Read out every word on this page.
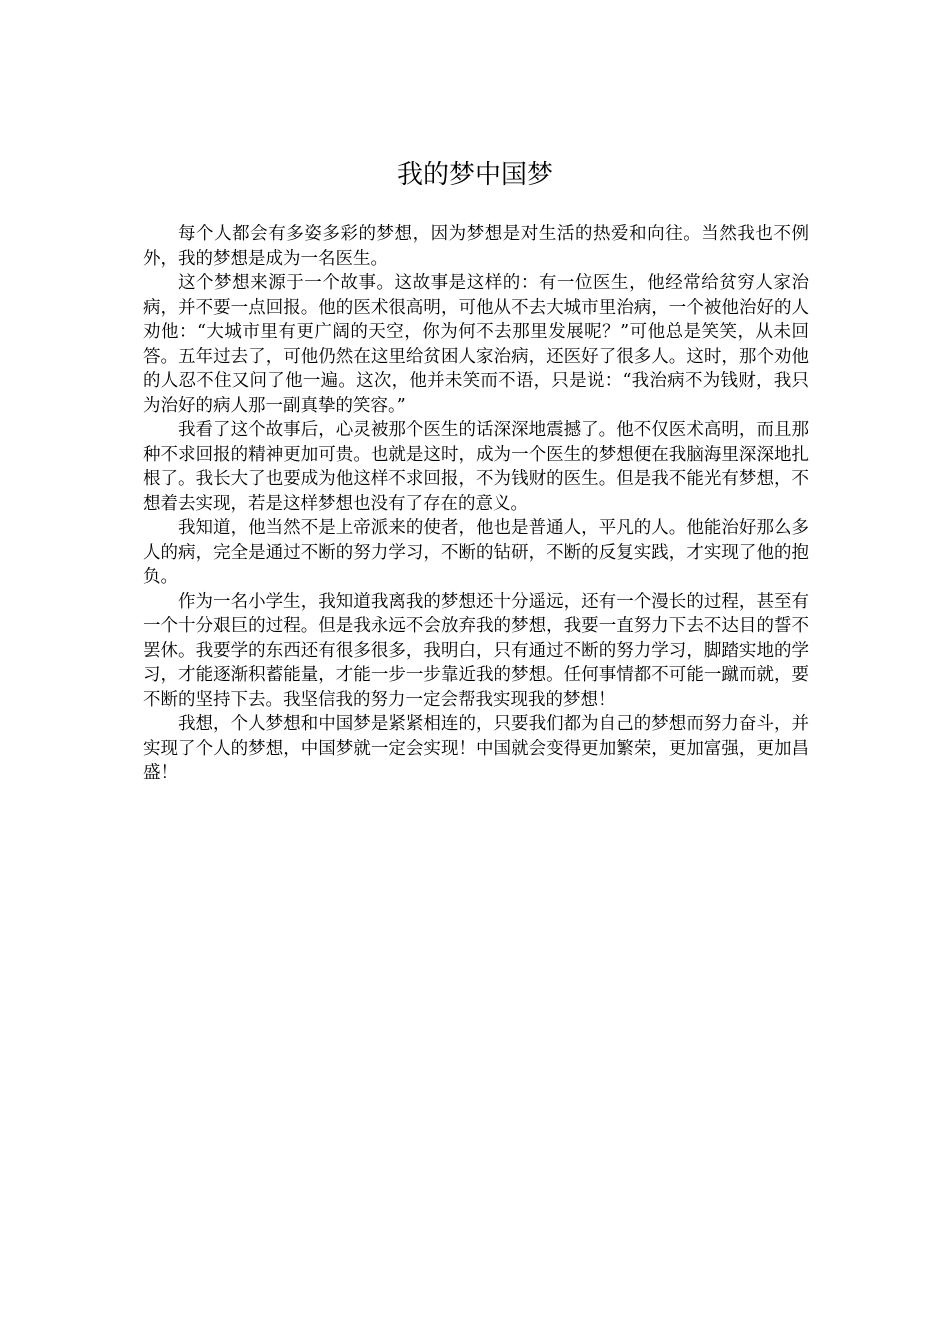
我的梦中国梦

每个人都会有多姿多彩的梦想，因为梦想是对生活的热爱和向往。当然我也不例外，我的梦想是成为一名医生。

这个梦想来源于一个故事。这故事是这样的：有一位医生，他经常给贫穷人家治病，并不要一点回报。他的医术很高明，可他从不去大城市里治病，一个被他治好的人劝他：“大城市里有更广阔的天空，你为何不去那里发展呢？”可他总是笑笑，从未回答。五年过去了，可他仍然在这里给贫困人家治病，还医好了很多人。这时，那个劝他的人忍不住又问了他一遍。这次，他并未笑而不语，只是说：“我治病不为钱财，我只为治好的病人那一副真挚的笑容。”

我看了这个故事后，心灵被那个医生的话深深地震撼了。他不仅医术高明，而且那种不求回报的精神更加可贵。也就是这时，成为一个医生的梦想便在我脑海里深深地扎根了。我长大了也要成为他这样不求回报，不为钱财的医生。但是我不能光有梦想，不想着去实现，若是这样梦想也没有了存在的意义。

我知道，他当然不是上帝派来的使者，他也是普通人，平凡的人。他能治好那么多人的病，完全是通过不断的努力学习，不断的钻研，不断的反复实践，才实现了他的抱负。

作为一名小学生，我知道我离我的梦想还十分遥远，还有一个漫长的过程，甚至有一个十分艰巨的过程。但是我永远不会放弃我的梦想，我要一直努力下去不达目的誓不罢休。我要学的东西还有很多很多，我明白，只有通过不断的努力学习，脚踏实地的学习，才能逐渐积蓄能量，才能一步一步靠近我的梦想。任何事情都不可能一蹴而就，要不断的坚持下去。我坚信我的努力一定会帮我实现我的梦想！

我想，个人梦想和中国梦是紧紧相连的，只要我们都为自己的梦想而努力奋斗，并实现了个人的梦想，中国梦就一定会实现！中国就会变得更加繁荣，更加富强，更加昌盛！
